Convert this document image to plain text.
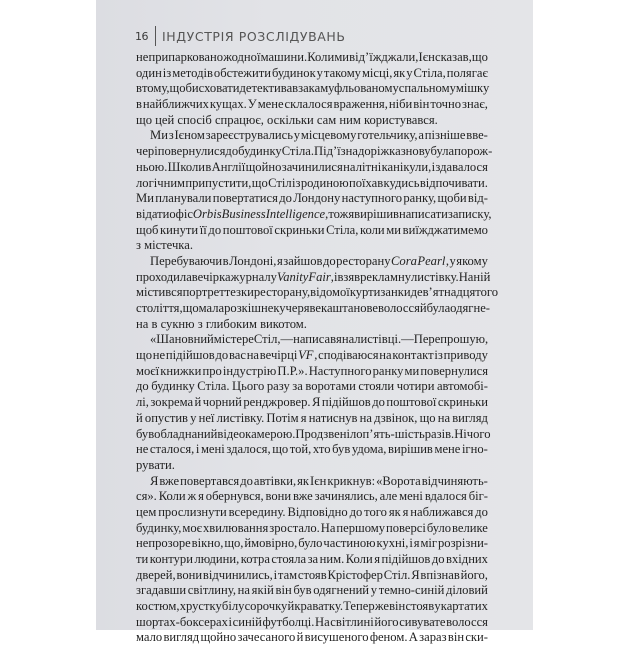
16 ІНДУСТРІЯ РОЗСЛІДУВАНЬ
не припарковано жодної машини. Коли ми від’їжджали, Ієн сказав, що
один із методів обстежити будинок у такому місці, як у Стіла, полягає
в тому, щоби сховати детектива в закамуфльованому спальному мішку
в найближчих кущах. У мене склалося враження, ніби він точно знає,
що цей спосіб спрацює, оскільки сам ним користувався.
Ми з Ієном зареєструвались у місцевому готельчику, а пізніше вве-
чері повернулися до будинку Стіла. Під’їзна доріжка знову була порож-
ньою. Школи в Англії щойно зачинилися на літні канікули, і здавалося
логічним припустити, що Стіл із родиною поїхав кудись відпочивати.
Ми планували повертатися до Лондону наступного ранку, щоби від-
відати офіс Orbis Business Intelligence , тож я вирішив написати записку,
щоб кинути її до поштової скриньки Стіла, коли ми виїжджатимемо
з містечка.
Перебуваючи в Лондоні, я зайшов до ресторану Cora Pearl , у якому
проходила вечірка журналу Vanity Fair , і взяв рекламну листівку. На ній
містився портрет тезки ресторану, відомої куртизанки дев’ятнадцятого
століття, що мала розкішне кучеряве каштанове волосся й була одягне-
на в сукню з глибоким викотом.
«Шановний містере Стіл,— написав я на листівці.— Перепрошую,
що не підійшов до вас на вечірці VF , сподіваюся на контакт із приводу
моєї книжки про індустрію П.Р.». Наступного ранку ми повернулися
до будинку Стіла. Цього разу за воротами стояли чотири автомобі-
лі, зокрема й чорний ренджровер. Я підійшов до поштової скриньки
й опустив у неї листівку. Потім я натиснув на дзвінок, що на вигляд
був обладнаний відеокамерою. Продзвеніло п’ять-шість разів. Нічого
не сталося, і мені здалося, що той, хто був удома, вирішив мене ігно-
рувати.
Я вже повертався до автівки, як Ієн крикнув: «Ворота відчиняють-
ся». Коли ж я обернувся, вони вже зачинялись, але мені вдалося біг-
цем прослизнути всередину. Відповідно до того як я наближався до
будинку, моє хвилювання зростало. На першому поверсі було велике
непрозоре вікно, що, ймовірно, було частиною кухні, і я міг розрізни-
ти контури людини, котра стояла за ним. Коли я підійшов до вхідних
дверей, вони відчинились, і там стояв Крістофер Стіл. Я впізнав його,
згадавши світлину, на якій він був одягнений у темно-синій діловий
костюм, хрустку білу сорочку й краватку. Тепер же він стояв у картатих
шортах-боксерах і синій футболці. На світлині його сивувате волосся
мало вигляд щойно зачесаного й висушеного феном. А зараз він ски-
